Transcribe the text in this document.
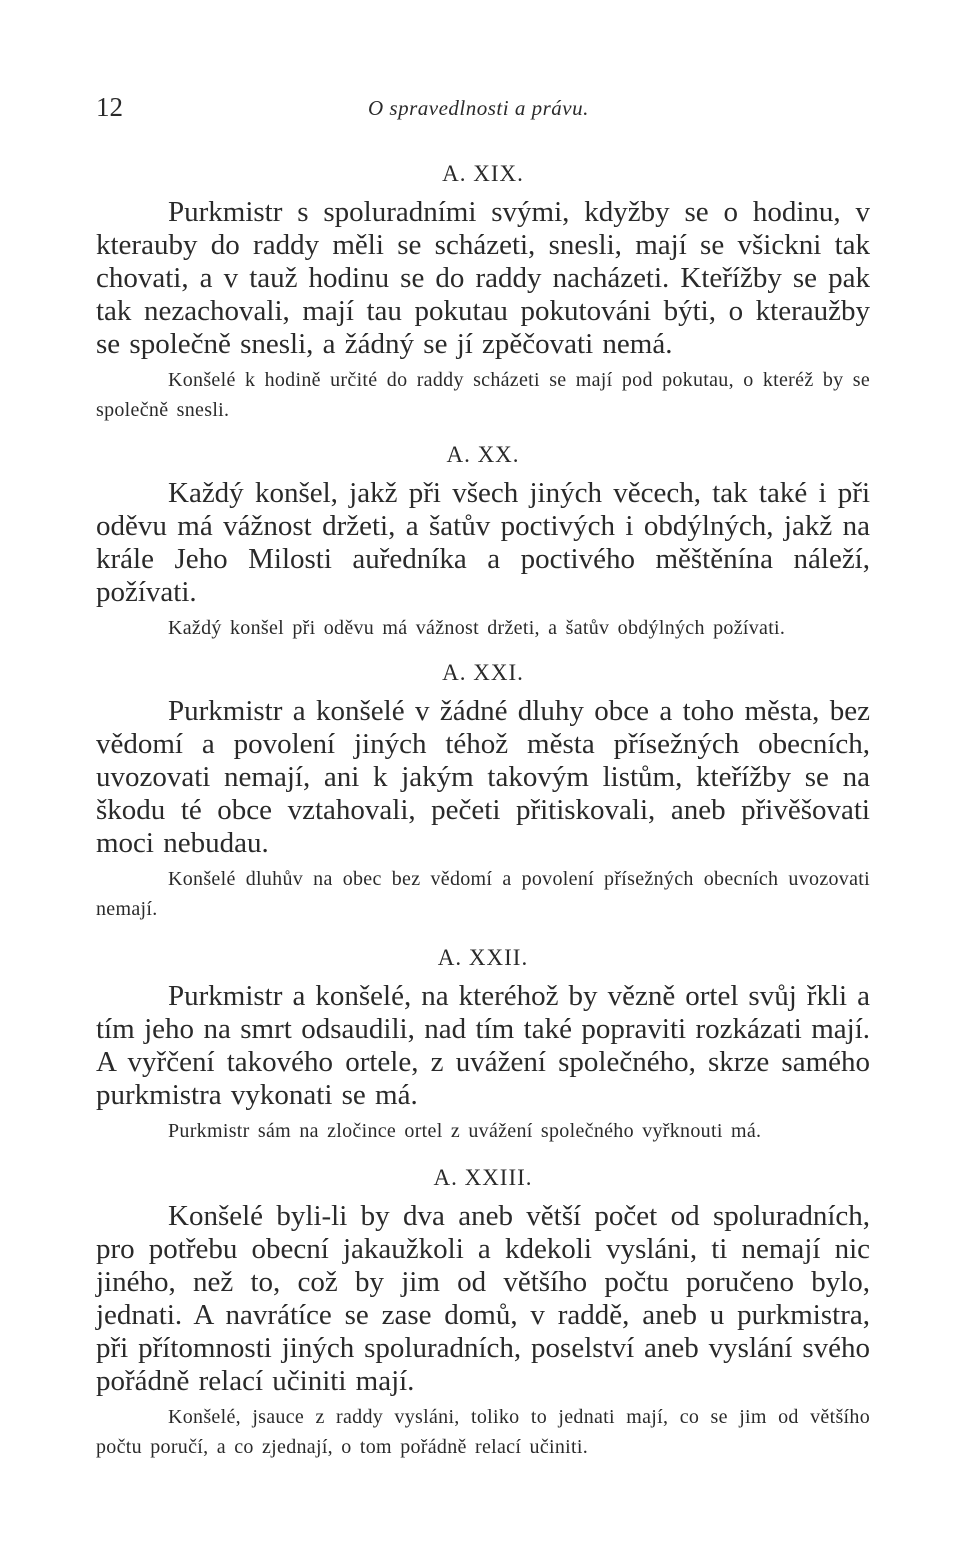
12	O spravedlnosti a právu.

A. XIX.

Purkmistr s spoluradními svými, kdyžby se o hodinu, v kterauby do raddy měli se scházeti, snesli, mají se všickni tak chovati, a v tauž hodinu se do raddy nacházeti. Kteřížby se pak tak nezachovali, mají tau pokutau pokutováni býti, o kterаužby se společně snesli, a žádný se jí zpěčovati nemá.

Konšelé k hodině určité do raddy scházeti se mají pod pokutau, o kteréž by se společně snesli.

A. XX.

Každý konšel, jakž při všech jiných věcech, tak také i při oděvu má vážnost držeti, a šatův poctivých i obdýlných, jakž na krále Jeho Milosti auředníka a poctivého měštěnína náleží, požívati.

Každý konšel při oděvu má vážnost držeti, a šatův obdýlných požívati.

A. XXI.

Purkmistr a konšelé v žádné dluhy obce a toho města, bez vědomí a povolení jiných téhož města přísežných obecních, uvozovati nemají, ani k jakým takovým listům, kteřížby se na škodu té obce vztahovali, pečeti přitiskovali, aneb přivěšovati moci nebudau.

Konšelé dluhův na obec bez vědomí a povolení přísežných obecních uvozovati nemají.

A. XXII.

Purkmistr a konšelé, na kteréhož by vězně ortel svůj řkli a tím jeho na smrt odsaudili, nad tím také popraviti rozkázati mají. A vyřčení takového ortele, z uvážení společného, skrze samého purkmistra vykonati se má.

Purkmistr sám na zločince ortel z uvážení společného vyřknouti má.

A. XXIII.

Konšelé byli-li by dva aneb větší počet od spoluradních, pro potřebu obecní jakaužkoli a kdekoli vysláni, ti nemají nic jiného, než to, což by jim od většího počtu poručeno bylo, jednati. A navrátíce se zase domů, v raddě, aneb u purkmistra, při přítomnosti jiných spoluradních, poselství aneb vyslání svého pořádně relací učiniti mají.

Konšelé, jsauce z raddy vysláni, toliko to jednati mají, co se jim od většího počtu poručí, a co zjednají, o tom pořádně relací učiniti.
